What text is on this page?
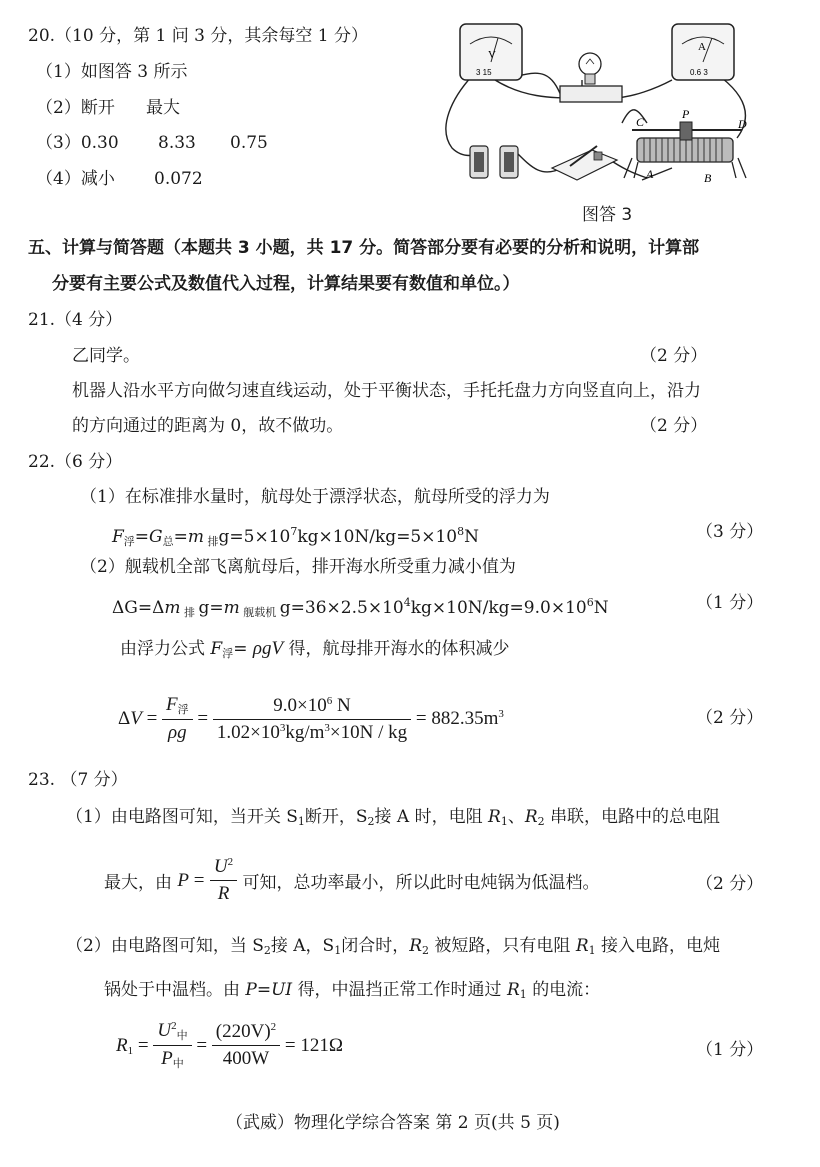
20.（10 分，第 1 问 3 分，其余每空 1 分）
（1）如图答 3 所示
（2）断开 最大
（3）0.30 8.33 0.75
（4）减小 0.072
V
3 15
A
0.6 3
C
P
D
A	B
图答 3
五、计算与简答题（本题共 3 小题，共 17 分。简答部分要有必要的分析和说明，计算部
分要有主要公式及数值代入过程，计算结果要有数值和单位。）
21.（4 分）
乙同学。	（2 分）
机器人沿水平方向做匀速直线运动，处于平衡状态，手托托盘力方向竖直向上，沿力
的方向通过的距离为 0，故不做功。	（2 分）
22.（6 分）
（1）在标准排水量时，航母处于漂浮状态，航母所受的浮力为
$F_浮=G_总=m$ $_排g=5\times 10^7kg\times 10N/kg=5\times 10^8N$	（3 分）
（2）舰载机全部飞离航母后，排开海水所受重力减小值为
ΔG=Δm $_排$ g=m $_{舰载机}$ $g=36\times 2.5\times 10^4kg\times 10N/kg=9.0\times 10^6N$	（1 分）
由浮力公式 $F_浮= \rho gV$ 得，航母排开海水的体积减少
$\Delta V = \frac{F_浮}{\rho g} = \frac{9.0\times 10^6 N}{1.02\times 10^3kg/m^3\times 10N / kg} = 882.35m^3$	（2 分）
23. （7 分）
（1）由电路图可知，当开关 $S_1$断开，$S_2$接 A 时，电阻 $R_1$、$R_2$ 串联，电路中的总电阻
最大，由 $P = \frac{U^2}{R}$ 可知，总功率最小，所以此时电炖锅为低温档。	（2 分）
（2）由电路图可知，当 $S_2$接 A，$S_1$闭合时，$R_2$ 被短路，只有电阻 $R_1$ 接入电路，电炖
锅处于中温档。由 P=UI 得，中温挡正常工作时通过 $R_1$ 的电流：
$R_1 = \frac{U^2_中}{P_中} = \frac{(220V)^2}{400W} = 121\Omega$	（1 分）
（武威）物理化学综合答案 第 2 页(共 5 页)
